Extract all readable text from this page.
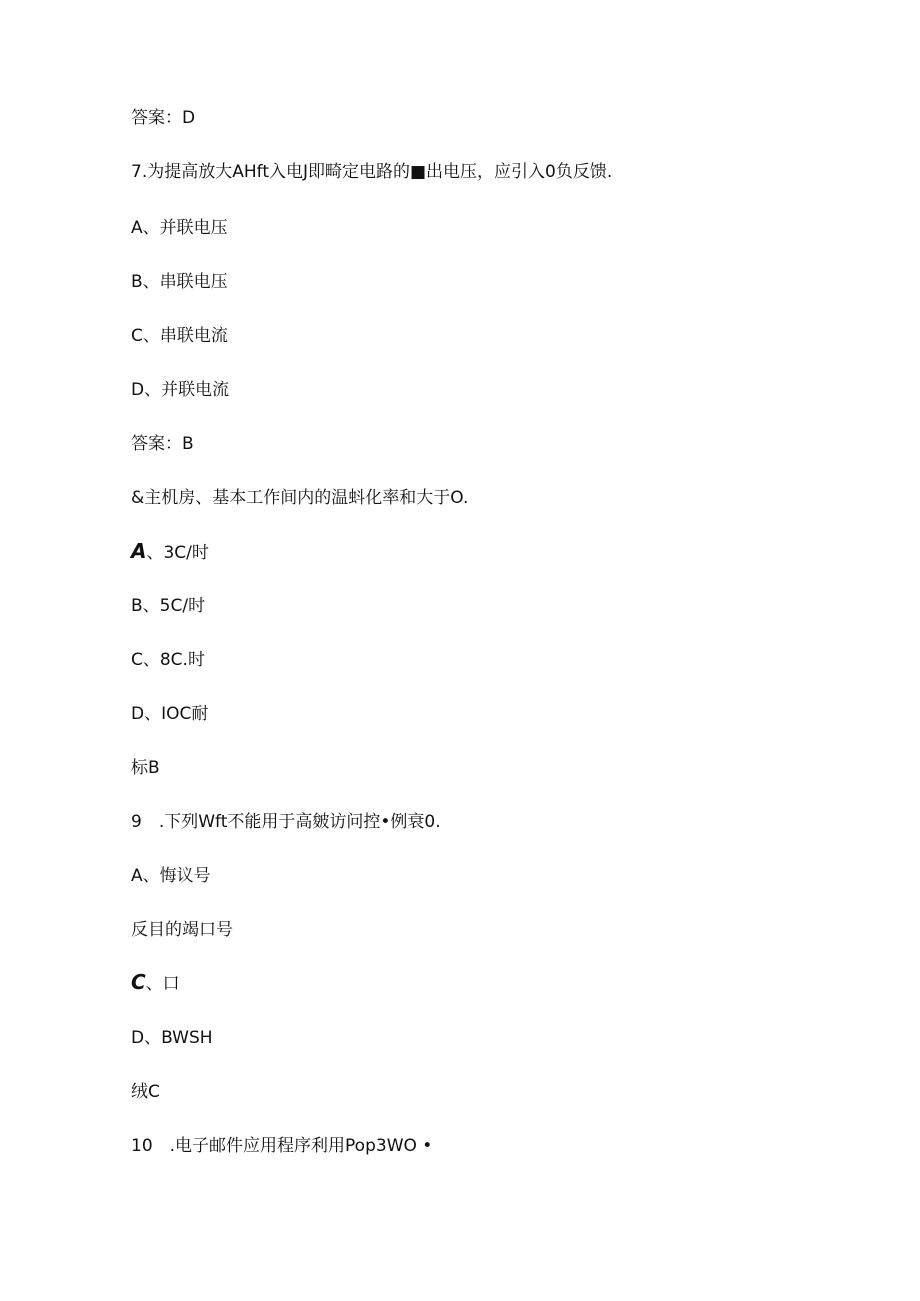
答案：D
7.为提高放大AHft入电J即畸定电路的■出电压，应引入0负反馈.
A、并联电压
B、串联电压
C、串联电流
D、并联电流
答案：B
&主机房、基本工作间内的温蚪化率和大于O.
A、3C/时
B、5C/时
C、8C.时
D、IOC耐
标B
9　.下列Wft不能用于高皴访问控•例衰0.
A、悔议号
反目的竭口号
C、口
D、BWSH
绒C
10　.电子邮件应用程序利用Pop3WO •
